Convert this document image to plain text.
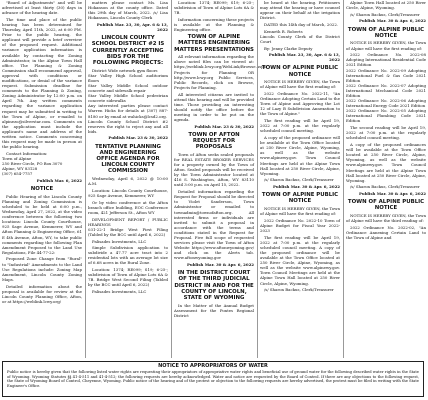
"Board of Adjustments" and will be advertised at least thirty (30) days in advance of the hearing date.

The time and place of the public hearing has been determined for Thursday, April 11th, 2022, at 6:00 PM. Prior to the public hearing, the applicant will provide a brief overview of the proposed request. Additional variance application information is available by contacting the Zoning Administrator, in the Alpine Town Hall office. The Planning & Zoning Commission shall recommend approval, approval with conditions or modifications, or denial of the variance request. Submission deadline for comments to the Planning & Zoning, Zoning Administrator by 12:00 p.m. on April 7th. Any written comments regarding the variance application request may be submitted in writing to the Town of Alpine, or e-mailed to alpinezo@silverstar.com. Comments on the application must include the applicant's name and address of the written notice. Comments concerning this request may be made in person at the public hearing.

Contact Information:
Town of Alpine
250 River Circle, PO Box 3070
Alpine, WY 83128
(307) 654-7757

Publish Mar. 6, 2022

NOTICE

Public Hearing of the Lincoln County Planning and Zoning Commission is scheduled to be held at 6:00 p.m., Wednesday, April 27, 2022, at the video conference between the following two locations: Lincoln County Courthouse, 925 Sage Avenue, Kemmerer, WY and Afton Planning & Engineering Office, 61 E 4th Avenue, Afton, WY, to take public comments regarding the following Plan Amendment Proposed to the Land Use Regulations, File 44-77-22:

Proposed Zone Change from "Rural" to "Industrial" Amendments to the Land Use Regulations include: Zoning Map Amendment, Lincoln County Zoning Maps.

Detailed information about the proposal is available for review at the Lincoln County Planning Office, Afton, or at https://weblink.lcwy.org/

matters please contact Ms. Lisa Hokanson at the county office. Dated this 29th day of March, 2022. /s/ Lisa Hokanson, Lincoln County Clerk

Publish Mar. 23, 30, Apr. 6 & 13, 2022

LINCOLN COUNTY SCHOOL DISTRICT #2 IS CURRENTLY ACCEPTING BIDS FOR THE FOLLOWING PROJECTS:

District Wide network gym floors
Star Valley High School auditorium floors
Star Valley Middle School outdoor concrete and sidewalk repair
Star Valley Middle School pedestrian concrete sidewalks
Any interested parties please contact Warren Hicks for details at (307) 887-8180 or by email at wahicks@lcsd2.org.
Lincoln County School District #2 reserves the right to reject any and all bids.

Publish Mar. 23 & 30, 2022

TENTATIVE PLANNING AND ENGINEERING OFFICE AGENDA FOR LINCOLN COUNTY COMMISSION

Wednesday, April 6, 2022 @ 10:00 A.M.

Location: Lincoln County Courthouse, 925 Sage Avenue, Kemmerer, WY

Or by video conference at the Afton branch office building, EOC Conference room, 421 Jefferson St., Afton WY

DEVELOPMENT REPORT / PUBLIC HEARINGS
031-22-1 Bridge West First Filing (Tabled by the BCC until April 6, 2022)

Palisades Investments, LLC

Simple Subdivision application to subdivide a 47.77 acre tract into 2 residential lots with an average lot size of 6.68 acres in the Rural Zone.

Location: 1374; RE099; S19; 6-25-; subdivision of Town of Alpine Lots 6A & 7B. Bridge West Second Filing (Tabled by the BCC until April 6, 2022)

Palisades Investments, LLC

Location: 1374; RE099; S19; 6-25-; subdivision of Town of Alpine Lots 6A & 7B.

Information concerning these projects is available at the Planning & Engineering office.

TOWN OF ALPINE MATTERS ENGINEERING MATTERS PRESENTATIONS

All relevant information regarding the above noted files can be viewed at: https://weblink.lcwy.org/WebLink/Browse.aspx Projects for Planning OR http://www.lcwy.org Public Services, Public Records, click on Browse, Projects for Planning.

All interested citizens are invited to attend this hearing and will be provided time. Those providing an interesting should notify the office before the meeting in order to be put on the agenda.

Publish Mar. 23 & 30, 2022

TOWN OF AFTON REQUEST FOR PROPOSALS

Town of Afton seeks sealed proposals for REAL ESTATE BROKER SERVICES for a property owned by the Town of Afton. Sealed proposals will be received by the Town Administrator located at 416 S. Washington, Afton, WY 83110 until 3:00 p.m. on April 15, 2022.

Detailed information regarding the Request for Proposal should be directed to Violet Sanderson, Town Administrator or emailed to townadmin@townofafton.org. All interested firms or individuals are invited to submit a proposal in accordance with the terms and conditions stated in the Request for Proposal. Five full scope of requested services please visit the Town of Afton Website https://www.aftonwyoming.gov/ and click on the Alerts tab. www.aftonwyoming.gov

Publish Mar. 30 & Apr. 6, 2022

IN THE DISTRICT COURT OF THE THIRD JUDICIAL DISTRICT IN AND FOR THE COUNTY OF LINCOLN, STATE OF WYOMING

In the Matter of the Annual Budget Assessment for the Pontes Regional District

be heard at the hearing. Petitioners may attend the hearing or have counsel appear on their behalf at the irrigation District.

DATED this 14th day of March, 2022.

Kenneth R. Roberts
Lincoln County Clerk of the District Court

By: Jenny Clarke Deputy

Publish Mar. 23, 30, Apr. 6 & 13, 2022

TOWN OF ALPINE PUBLIC NOTICE

NOTICE IS HEREBY GIVEN, the Town of Alpine will have the first reading of:

2022 Ordinance No. 2022-11, "An Ordinance Adopting Certain Land to the Town of Alpine and Approving the Lot 12 of Lazy B Subdivision Annexation to the Town of Alpine."

The first reading will be April 19, 2022 at 7:00 p.m. at the regularly scheduled council meeting.

A copy of the proposed ordinance will be available at the Town Office located at 250 River Circle, Alpine, Wyoming, as well as the website www.alpinewy.gov. Town Council Meetings are held at the Alpine Town Hall located at 250 River Circle, Alpine, Wyoming.

/s/ Sharon Backus, Clerk/Treasurer

Publish Mar. 30 & Apr. 6, 2022

TOWN OF ALPINE PUBLIC NOTICE

NOTICE IS HEREBY GIVEN, the Town of Alpine will have the first reading of:

2022 Ordinance No. 2022-10 Town of Alpine Budget for Fiscal Year 2022-2023

The first reading will be April 19, 2022 at 7:00 p.m. at the regularly scheduled council meeting. A copy of the proposed ordinance will be available at the Town Office located at 250 River Circle, Alpine, Wyoming, as well as the website www.alpinewy.gov. Town Council Meetings are held at the Alpine Town Hall located at 250 River Circle, Alpine, Wyoming.

/s/ Sharon Backus, Clerk/Treasurer

Alpine Town Hall located at 250 River Circle, Alpine, Wyoming.

/s/ Sharon Backus, Clerk/Treasurer

Publish Mar. 30 & Apr. 6, 2022

TOWN OF ALPINE PUBLIC NOTICE

NOTICE IS HEREBY GIVEN, the Town of Alpine will have the first reading of:

2022 Ordinance No. 2022-08 Adopting International Residential Code 2021 Edition
2022 Ordinance No. 2022-09 Adopting International Fuel & Gas Code 2021 Edition
2022 Ordinance No. 2022-07 Adopting International Mechanical Code 2021 Edition
2022 Ordinance No. 2022-06 Adopting International Energy Code 2021 Edition
2022 Ordinance No. 2022-05 Adopting International Plumbing Code 2021 Edition

The second reading will be April 19, 2022 at 7:00 p.m. at the regularly scheduled council meeting.

A copy of the proposed ordinances will be available at the Town Office located at 250 River Circle, Alpine, Wyoming, as well as the website www.alpinewy.gov. Town Council Meetings are held at the Alpine Town Hall located at 250 River Circle, Alpine, Wyoming.

/s/ Sharon Backus, Clerk/Treasurer

Publish Mar. 30 & Apr. 6, 2022

TOWN OF ALPINE PUBLIC NOTICE

NOTICE IS HEREBY GIVEN, the Town of Alpine will have the third reading of:

2022 Ordinance No. 2022-02, "An Ordinance Annexing Certain Land to the Town of Alpine and

NOTICE TO APPROPRIATORS OF WATER
Public notice is hereby given that the following listed water rights are requesting their appropriators of appropriative water rights and beneficial use of ground water for the following described water rights in the State of Wyoming. Wyoming Statutes §§ 41-4-511 and 41-4-512; the following requests are hereby acknowledged. Water and notice are requested by the Board of Control. If there are any objections to the following request, the State of Wyoming Board of Control, Cheyenne, Wyoming. Public notice of the hearing and of the protest or objection to the following requests are hereby advertised, the protest must be filed in writing with the State Engineer's Office.
